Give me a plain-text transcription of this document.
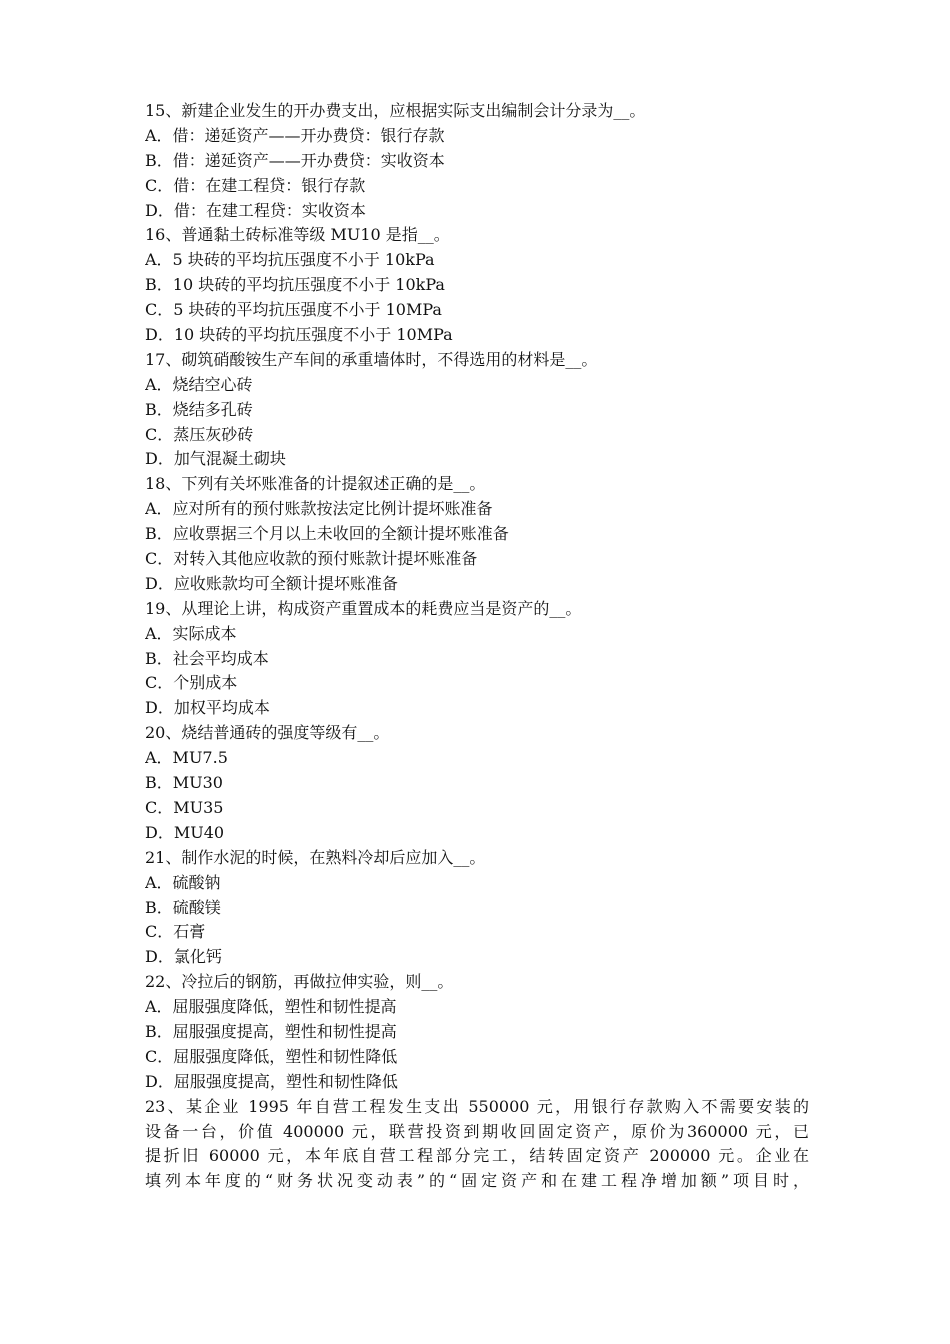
15、新建企业发生的开办费支出，应根据实际支出编制会计分录为__。
A．借：递延资产——开办费贷：银行存款
B．借：递延资产——开办费贷：实收资本
C．借：在建工程贷：银行存款
D．借：在建工程贷：实收资本
16、普通黏土砖标准等级 MU10 是指__。
A．5 块砖的平均抗压强度不小于 10kPa
B．10 块砖的平均抗压强度不小于 10kPa
C．5 块砖的平均抗压强度不小于 10MPa
D．10 块砖的平均抗压强度不小于 10MPa
17、砌筑硝酸铵生产车间的承重墙体时，不得选用的材料是__。
A．烧结空心砖
B．烧结多孔砖
C．蒸压灰砂砖
D．加气混凝土砌块
18、下列有关坏账准备的计提叙述正确的是__。
A．应对所有的预付账款按法定比例计提坏账准备
B．应收票据三个月以上未收回的全额计提坏账准备
C．对转入其他应收款的预付账款计提坏账准备
D．应收账款均可全额计提坏账准备
19、从理论上讲，构成资产重置成本的耗费应当是资产的__。
A．实际成本
B．社会平均成本
C．个别成本
D．加权平均成本
20、烧结普通砖的强度等级有__。
A．MU7.5
B．MU30
C．MU35
D．MU40
21、制作水泥的时候，在熟料冷却后应加入__。
A．硫酸钠
B．硫酸镁
C．石膏
D．氯化钙
22、冷拉后的钢筋，再做拉伸实验，则__。
A．屈服强度降低，塑性和韧性提高
B．屈服强度提高，塑性和韧性提高
C．屈服强度降低，塑性和韧性降低
D．屈服强度提高，塑性和韧性降低
23、某企业 1995 年自营工程发生支出 550000 元，用银行存款购入不需要安装的
设备一台，价值 400000 元，联营投资到期收回固定资产，原价为360000 元，已
提折旧 60000 元，本年底自营工程部分完工，结转固定资产 200000 元。企业在
填列本年度的“财务状况变动表”的“固定资产和在建工程净增加额”项目时，
